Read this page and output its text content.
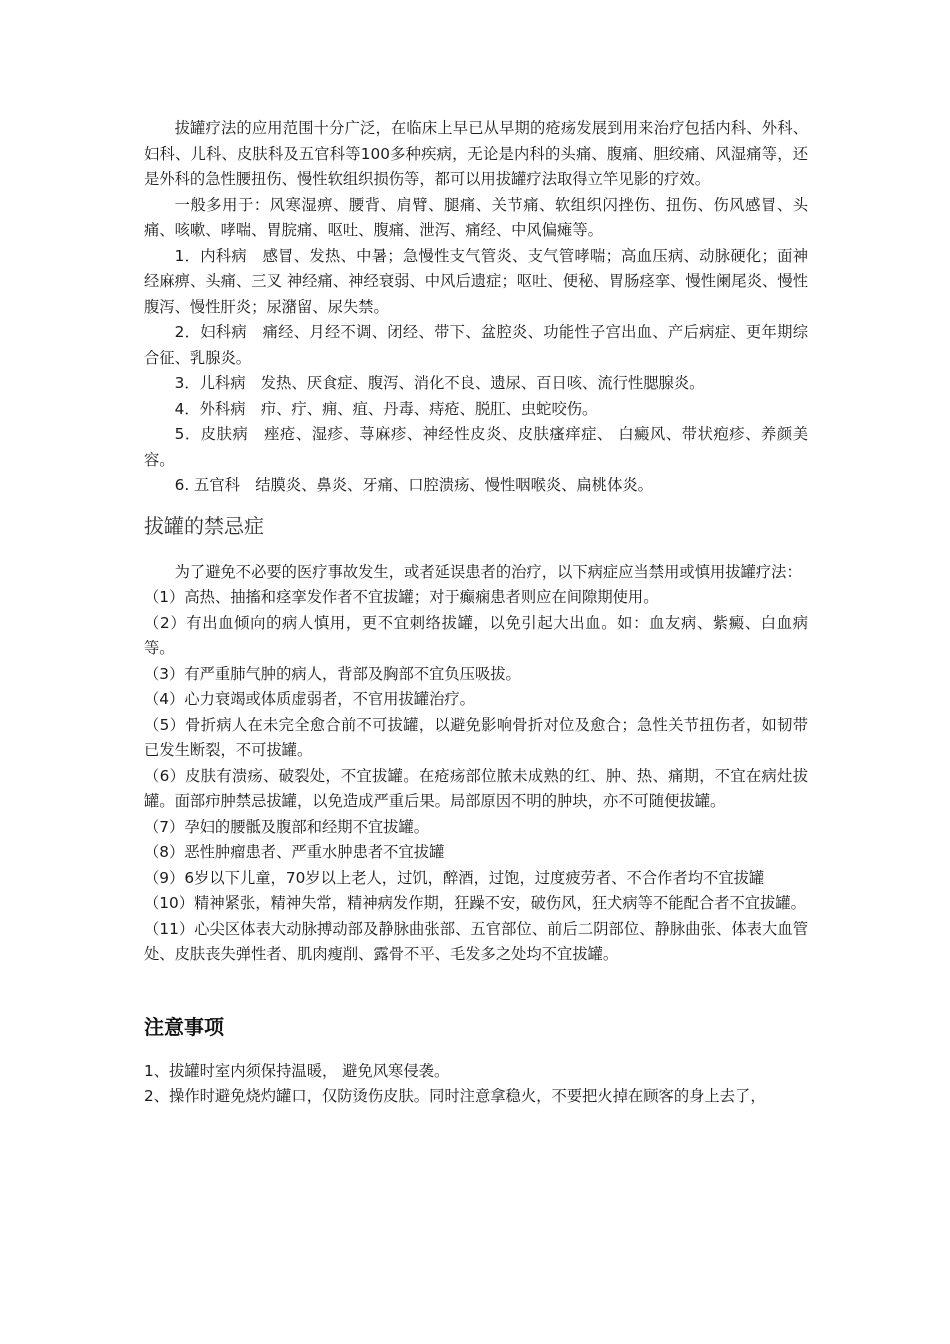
拔罐疗法的应用范围十分广泛，在临床上早已从早期的疮疡发展到用来治疗包括内科、外科、妇科、儿科、皮肤科及五官科等100多种疾病，无论是内科的头痛、腹痛、胆绞痛、风湿痛等，还是外科的急性腰扭伤、慢性软组织损伤等，都可以用拔罐疗法取得立竿见影的疗效。

一般多用于：风寒湿痹、腰背、肩臂、腿痛、关节痛、软组织闪挫伤、扭伤、伤风感冒、头痛、咳嗽、哮喘、胃脘痛、呕吐、腹痛、泄泻、痛经、中风偏瘫等。

1．内科病　感冒、发热、中暑；急慢性支气管炎、支气管哮喘；高血压病、动脉硬化；面神经麻痹、头痛、三叉 神经痛、神经衰弱、中风后遗症；呕吐、便秘、胃肠痉挛、慢性阑尾炎、慢性腹泻、慢性肝炎；尿潴留、尿失禁。

2．妇科病　痛经、月经不调、闭经、带下、盆腔炎、功能性子宫出血、产后病症、更年期综合征、乳腺炎。

3．儿科病　发热、厌食症、腹泻、消化不良、遗尿、百日咳、流行性腮腺炎。

4．外科病　疖、疔、痈、疽、丹毒、痔疮、脱肛、虫蛇咬伤。

5．皮肤病　痤疮、湿疹、荨麻疹、神经性皮炎、皮肤瘙痒症、 白癜风、带状疱疹、养颜美容。

6. 五官科　结膜炎、鼻炎、牙痛、口腔溃疡、慢性咽喉炎、扁桃体炎。

拔罐的禁忌症

为了避免不必要的医疗事故发生，或者延误患者的治疗，以下病症应当禁用或慎用拔罐疗法：

（1）高热、抽搐和痉挛发作者不宜拔罐；对于癫痫患者则应在间隙期使用。

（2）有出血倾向的病人慎用，更不宜刺络拔罐，以免引起大出血。如：血友病、紫癜、白血病等。

（3）有严重肺气肿的病人，背部及胸部不宜负压吸拔。

（4）心力衰竭或体质虚弱者，不官用拔罐治疗。

（5）骨折病人在未完全愈合前不可拔罐，以避免影响骨折对位及愈合；急性关节扭伤者，如韧带已发生断裂，不可拔罐。

（6）皮肤有溃疡、破裂处，不宜拔罐。在疮疡部位脓未成熟的红、肿、热、痛期，不宜在病灶拔罐。面部疖肿禁忌拔罐，以免造成严重后果。局部原因不明的肿块，亦不可随便拔罐。

（7）孕妇的腰骶及腹部和经期不宜拔罐。

（8）恶性肿瘤患者、严重水肿患者不宜拔罐

（9）6岁以下儿童，70岁以上老人，过饥，醉酒，过饱，过度疲劳者、不合作者均不宜拔罐

（10）精神紧张，精神失常，精神病发作期，狂躁不安，破伤风，狂犬病等不能配合者不宜拔罐。

（11）心尖区体表大动脉搏动部及静脉曲张部、五官部位、前后二阴部位、静脉曲张、体表大血管处、皮肤丧失弹性者、肌肉瘦削、露骨不平、毛发多之处均不宜拔罐。

注意事项

1、拔罐时室内须保持温暖， 避免风寒侵袭。

2、操作时避免烧灼罐口，仅防烫伤皮肤。同时注意拿稳火，不要把火掉在顾客的身上去了，
